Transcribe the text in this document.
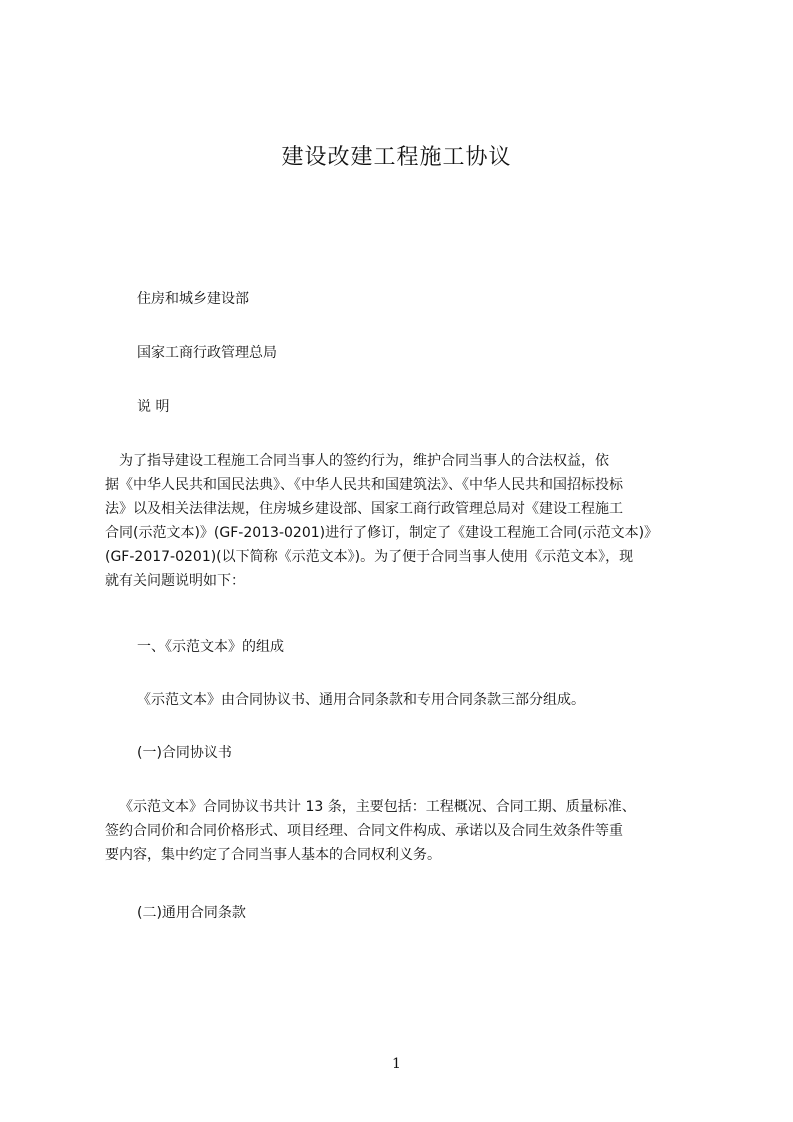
建设改建工程施工协议
住房和城乡建设部
国家工商行政管理总局
说 明
为了指导建设工程施工合同当事人的签约行为，维护合同当事人的合法权益，依
据《中华人民共和国民法典》、《中华人民共和国建筑法》、《中华人民共和国招标投标
法》以及相关法律法规，住房城乡建设部、国家工商行政管理总局对《建设工程施工
合同(示范文本)》(GF-2013-0201)进行了修订，制定了《建设工程施工合同(示范文本)》
(GF-2017-0201)(以下简称《示范文本》)。为了便于合同当事人使用《示范文本》，现
就有关问题说明如下：
一、《示范文本》的组成
《示范文本》由合同协议书、通用合同条款和专用合同条款三部分组成。
(一)合同协议书
《示范文本》合同协议书共计 13 条，主要包括：工程概况、合同工期、质量标准、
签约合同价和合同价格形式、项目经理、合同文件构成、承诺以及合同生效条件等重
要内容，集中约定了合同当事人基本的合同权利义务。
(二)通用合同条款
1
